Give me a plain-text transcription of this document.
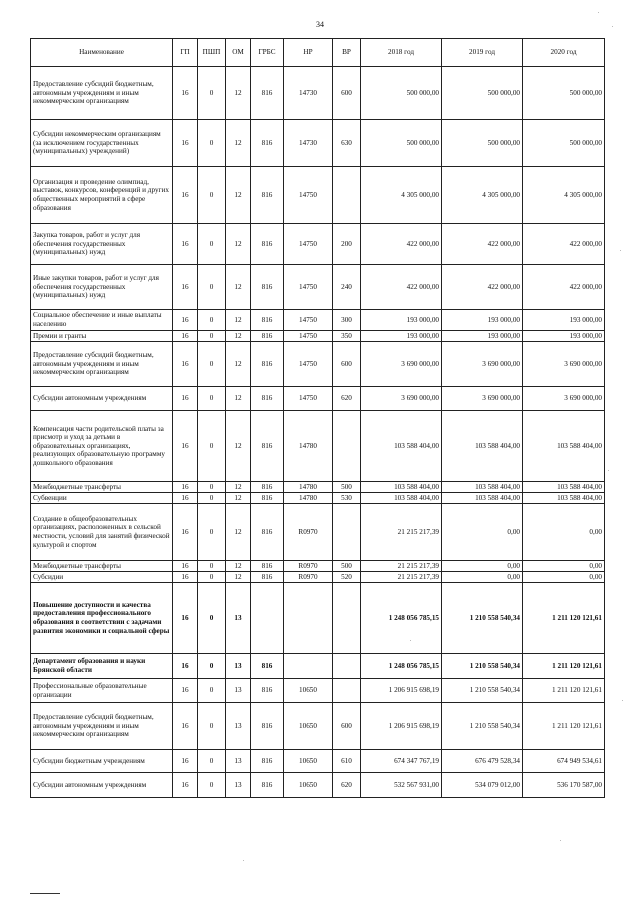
34
Наименование	ГП	ПШП	ОМ	ГРБС	НР	ВР	2018 год	2019 год	2020 год
Предоставление субсидий бюджетным, автономным учреждениям и иным некоммерческим организациям	16	0	12	816	14730	600	500 000,00	500 000,00	500 000,00
Субсидии некоммерческим организациям (за исключением государственных (муниципальных) учреждений)	16	0	12	816	14730	630	500 000,00	500 000,00	500 000,00
Организация и проведение олимпиад, выставок, конкурсов, конференций и других общественных мероприятий в сфере образования	16	0	12	816	14750		4 305 000,00	4 305 000,00	4 305 000,00
Закупка товаров, работ и услуг для обеспечения государственных (муниципальных) нужд	16	0	12	816	14750	200	422 000,00	422 000,00	422 000,00
Иные закупки товаров, работ и услуг для обеспечения государственных (муниципальных) нужд	16	0	12	816	14750	240	422 000,00	422 000,00	422 000,00
Социальное обеспечение и иные выплаты населению	16	0	12	816	14750	300	193 000,00	193 000,00	193 000,00
Премии и гранты	16	0	12	816	14750	350	193 000,00	193 000,00	193 000,00
Предоставление субсидий бюджетным, автономным учреждениям и иным некоммерческим организациям	16	0	12	816	14750	600	3 690 000,00	3 690 000,00	3 690 000,00
Субсидии автономным учреждениям	16	0	12	816	14750	620	3 690 000,00	3 690 000,00	3 690 000,00
Компенсация части родительской платы за присмотр и уход за детьми в образовательных организациях, реализующих образовательную программу дошкольного образования	16	0	12	816	14780		103 588 404,00	103 588 404,00	103 588 404,00
Межбюджетные трансферты	16	0	12	816	14780	500	103 588 404,00	103 588 404,00	103 588 404,00
Субвенции	16	0	12	816	14780	530	103 588 404,00	103 588 404,00	103 588 404,00
Создание в общеобразовательных организациях, расположенных в сельской местности, условий для занятий физической культурой и спортом	16	0	12	816	R0970		21 215 217,39	0,00	0,00
Межбюджетные трансферты	16	0	12	816	R0970	500	21 215 217,39	0,00	0,00
Субсидии	16	0	12	816	R0970	520	21 215 217,39	0,00	0,00
Повышение доступности и качества предоставления профессионального образования в соответствии с задачами развития экономики и социальной сферы	16	0	13				1 248 056 785,15	1 210 558 540,34	1 211 120 121,61
Департамент образования и науки Брянской области	16	0	13	816			1 248 056 785,15	1 210 558 540,34	1 211 120 121,61
Профессиональные образовательные организации	16	0	13	816	10650		1 206 915 698,19	1 210 558 540,34	1 211 120 121,61
Предоставление субсидий бюджетным, автономным учреждениям и иным некоммерческим организациям	16	0	13	816	10650	600	1 206 915 698,19	1 210 558 540,34	1 211 120 121,61
Субсидии бюджетным учреждениям	16	0	13	816	10650	610	674 347 767,19	676 479 528,34	674 949 534,61
Субсидии автономным учреждениям	16	0	13	816	10650	620	532 567 931,00	534 079 012,00	536 170 587,00
